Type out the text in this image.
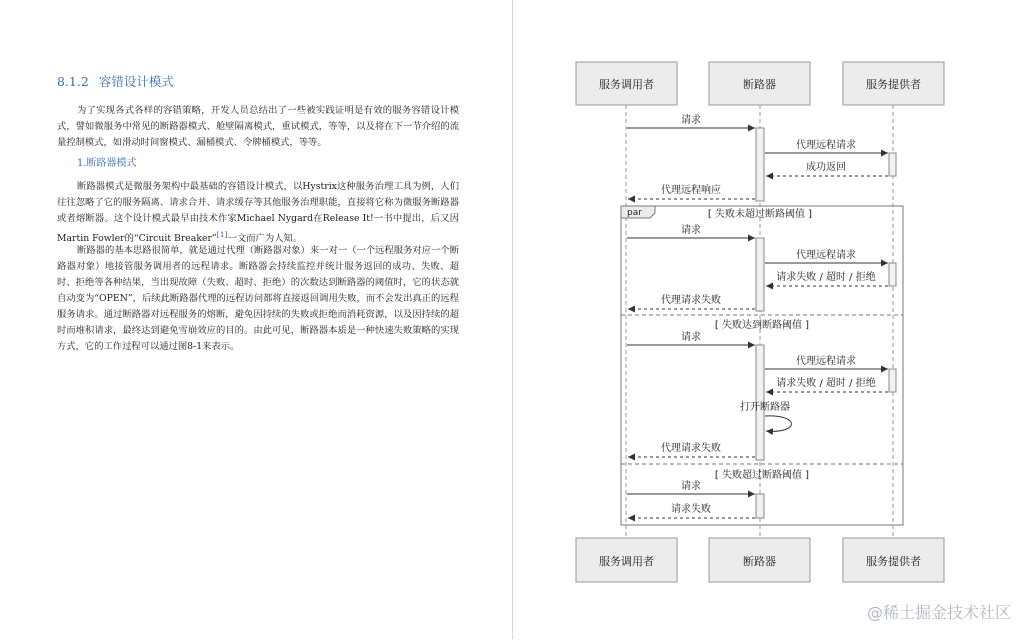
8.1.2 容错设计模式

为了实现各式各样的容错策略，开发人员总结出了一些被实践证明是有效的服务容错设计模式，譬如微服务中常见的断路器模式、舱壁隔离模式，重试模式，等等，以及将在下一节介绍的流量控制模式，如滑动时间窗模式、漏桶模式、令牌桶模式，等等。

1.断路器模式

断路器模式是微服务架构中最基础的容错设计模式，以Hystrix这种服务治理工具为例，人们往往忽略了它的服务隔离、请求合并、请求缓存等其他服务治理职能，直接将它称为微服务断路器或者熔断器。这个设计模式最早由技术作家Michael Nygard在Release It!一书中提出，后又因Martin Fowler的“Circuit Breaker”[1]一文而广为人知。

断路器的基本思路很简单，就是通过代理（断路器对象）来一对一（一个远程服务对应一个断路器对象）地接管服务调用者的远程请求。断路器会持续监控并统计服务返回的成功、失败、超时、拒绝等各种结果，当出现故障（失败、超时、拒绝）的次数达到断路器的阈值时，它的状态就自动变为“OPEN”，后续此断路器代理的远程访问都将直接返回调用失败，而不会发出真正的远程服务请求。通过断路器对远程服务的熔断，避免因持续的失败或拒绝而消耗资源，以及因持续的超时而堆积请求，最终达到避免雪崩效应的目的。由此可见，断路器本质是一种快速失败策略的实现方式，它的工作过程可以通过图8-1来表示。

服务调用者	断路器	服务提供者
服务调用者	断路器	服务提供者
请求
代理远程请求
成功返回
代理远程响应
par	[ 失败未超过断路阈值 ]
[ 失败达到断路阈值 ]
[ 失败超过断路阈值 ]
请求
代理远程请求
请求失败 / 超时 / 拒绝
代理请求失败
请求
代理远程请求
请求失败 / 超时 / 拒绝
打开断路器
代理请求失败
请求
请求失败
@稀土掘金技术社区
